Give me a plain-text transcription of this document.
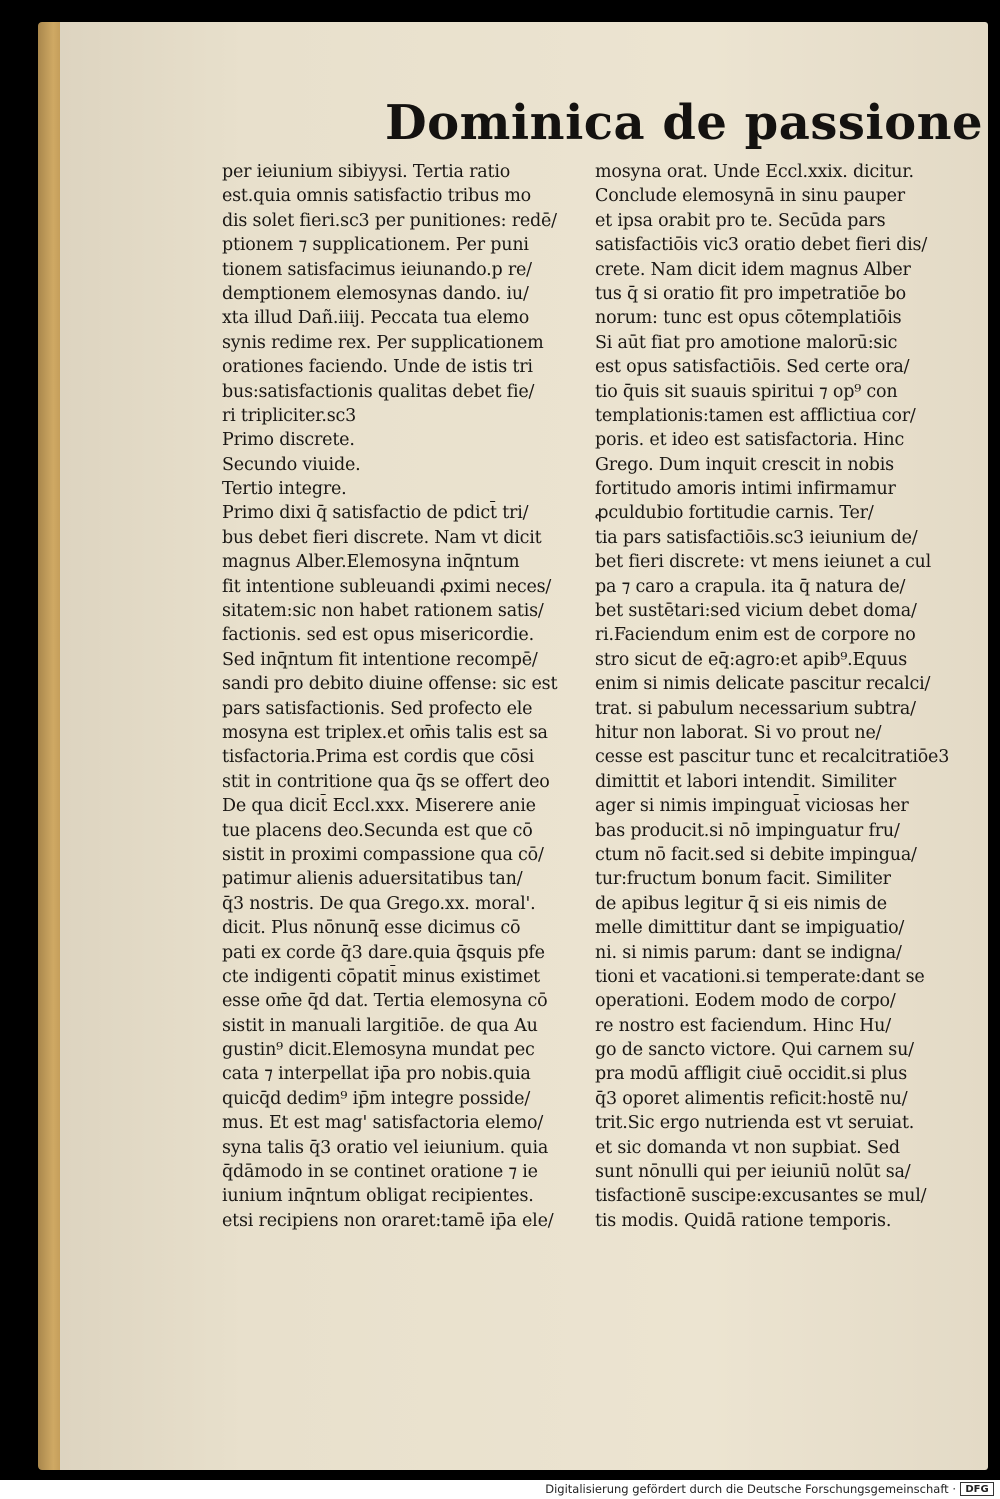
Dominica de passione
per ieiunium sibiyysi. Tertia ratio
est.quia omnis satisfactio tribus mo
dis solet fieri.sc3 per punitiones: redē/
ptionem ⁊ supplicationem. Per puni
tionem satisfacimus ieiunando.p re/
demptionem elemosynas dando. iu/
xta illud Dañ.iiij. Peccata tua elemo
synis redime rex. Per supplicationem
orationes faciendo. Unde de istis tri
bus:satisfactionis qualitas debet fie/
ri tripliciter.sc3
Primo discrete.
Secundo viuide.
Tertio integre.
Primo dixi q̄ satisfactio de pdict̄ tri/
bus debet fieri discrete. Nam vt dicit
magnus Alber.Elemosyna inq̄ntum
fit intentione subleuandi ꝓximi neces/
sitatem:sic non habet rationem satis/
factionis. sed est opus misericordie.
Sed inq̄ntum fit intentione recompē/
sandi pro debito diuine offense: sic est
pars satisfactionis. Sed profecto ele
mosyna est triplex.et om̄is talis est sa
tisfactoria.Prima est cordis que cōsi
stit in contritione qua q̄s se offert deo
De qua dicit̄ Eccl.xxx. Miserere anie
tue placens deo.Secunda est que cō
sistit in proximi compassione qua cō/
patimur alienis aduersitatibus tan/
q̄3 nostris. De qua Grego.xx. moral'.
dicit. Plus nōnunq̄ esse dicimus cō
pati ex corde q̄3 dare.quia q̄squis pfe
cte indigenti cōpatit̄ minus existimet
esse om̄e q̄d dat. Tertia elemosyna cō
sistit in manuali largitiōe. de qua Au
gustin⁹ dicit.Elemosyna mundat pec
cata ⁊ interpellat ip̄a pro nobis.quia
quicq̄d dedim⁹ ip̄m integre posside/
mus. Et est mag' satisfactoria elemo/
syna talis q̄3 oratio vel ieiunium. quia
q̄dāmodo in se continet oratione ⁊ ie
iunium inq̄ntum obligat recipientes.
etsi recipiens non oraret:tamē ip̄a ele/
mosyna orat. Unde Eccl.xxix. dicitur.
Conclude elemosynā in sinu pauper
et ipsa orabit pro te. Secūda pars
satisfactiōis vic3 oratio debet fieri dis/
crete. Nam dicit idem magnus Alber
tus q̄ si oratio fit pro impetratiōe bo
norum: tunc est opus cōtemplatiōis
Si aūt fiat pro amotione malorū:sic
est opus satisfactiōis. Sed certe ora/
tio q̄uis sit suauis spiritui ⁊ op⁹ con
templationis:tamen est afflictiua cor/
poris. et ideo est satisfactoria. Hinc
Grego. Dum inquit crescit in nobis
fortitudo amoris intimi infirmamur
ꝓculdubio fortitudie carnis. Ter/
tia pars satisfactiōis.sc3 ieiunium de/
bet fieri discrete: vt mens ieiunet a cul
pa ⁊ caro a crapula. ita q̄ natura de/
bet sustētari:sed vicium debet doma/
ri.Faciendum enim est de corpore no
stro sicut de eq̄:agro:et apib⁹.Equus
enim si nimis delicate pascitur recalci/
trat. si pabulum necessarium subtra/
hitur non laborat. Si vo prout ne/
cesse est pascitur tunc et recalcitratiōe3
dimittit et labori intendit. Similiter
ager si nimis impinguat̄ viciosas her
bas producit.si nō impinguatur fru/
ctum nō facit.sed si debite impingua/
tur:fructum bonum facit. Similiter
de apibus legitur q̄ si eis nimis de
melle dimittitur dant se impiguatio/
ni. si nimis parum: dant se indigna/
tioni et vacationi.si temperate:dant se
operationi. Eodem modo de corpo/
re nostro est faciendum. Hinc Hu/
go de sancto victore. Qui carnem su/
pra modū affligit ciuē occidit.si plus
q̄3 oporet alimentis reficit:hostē nu/
trit.Sic ergo nutrienda est vt seruiat.
et sic domanda vt non supbiat. Sed
sunt nōnulli qui per ieiuniū nolūt sa/
tisfactionē suscipe:excusantes se mul/
tis modis. Quidā ratione temporis.
Digitalisierung gefördert durch die Deutsche Forschungsgemeinschaft · DFG
